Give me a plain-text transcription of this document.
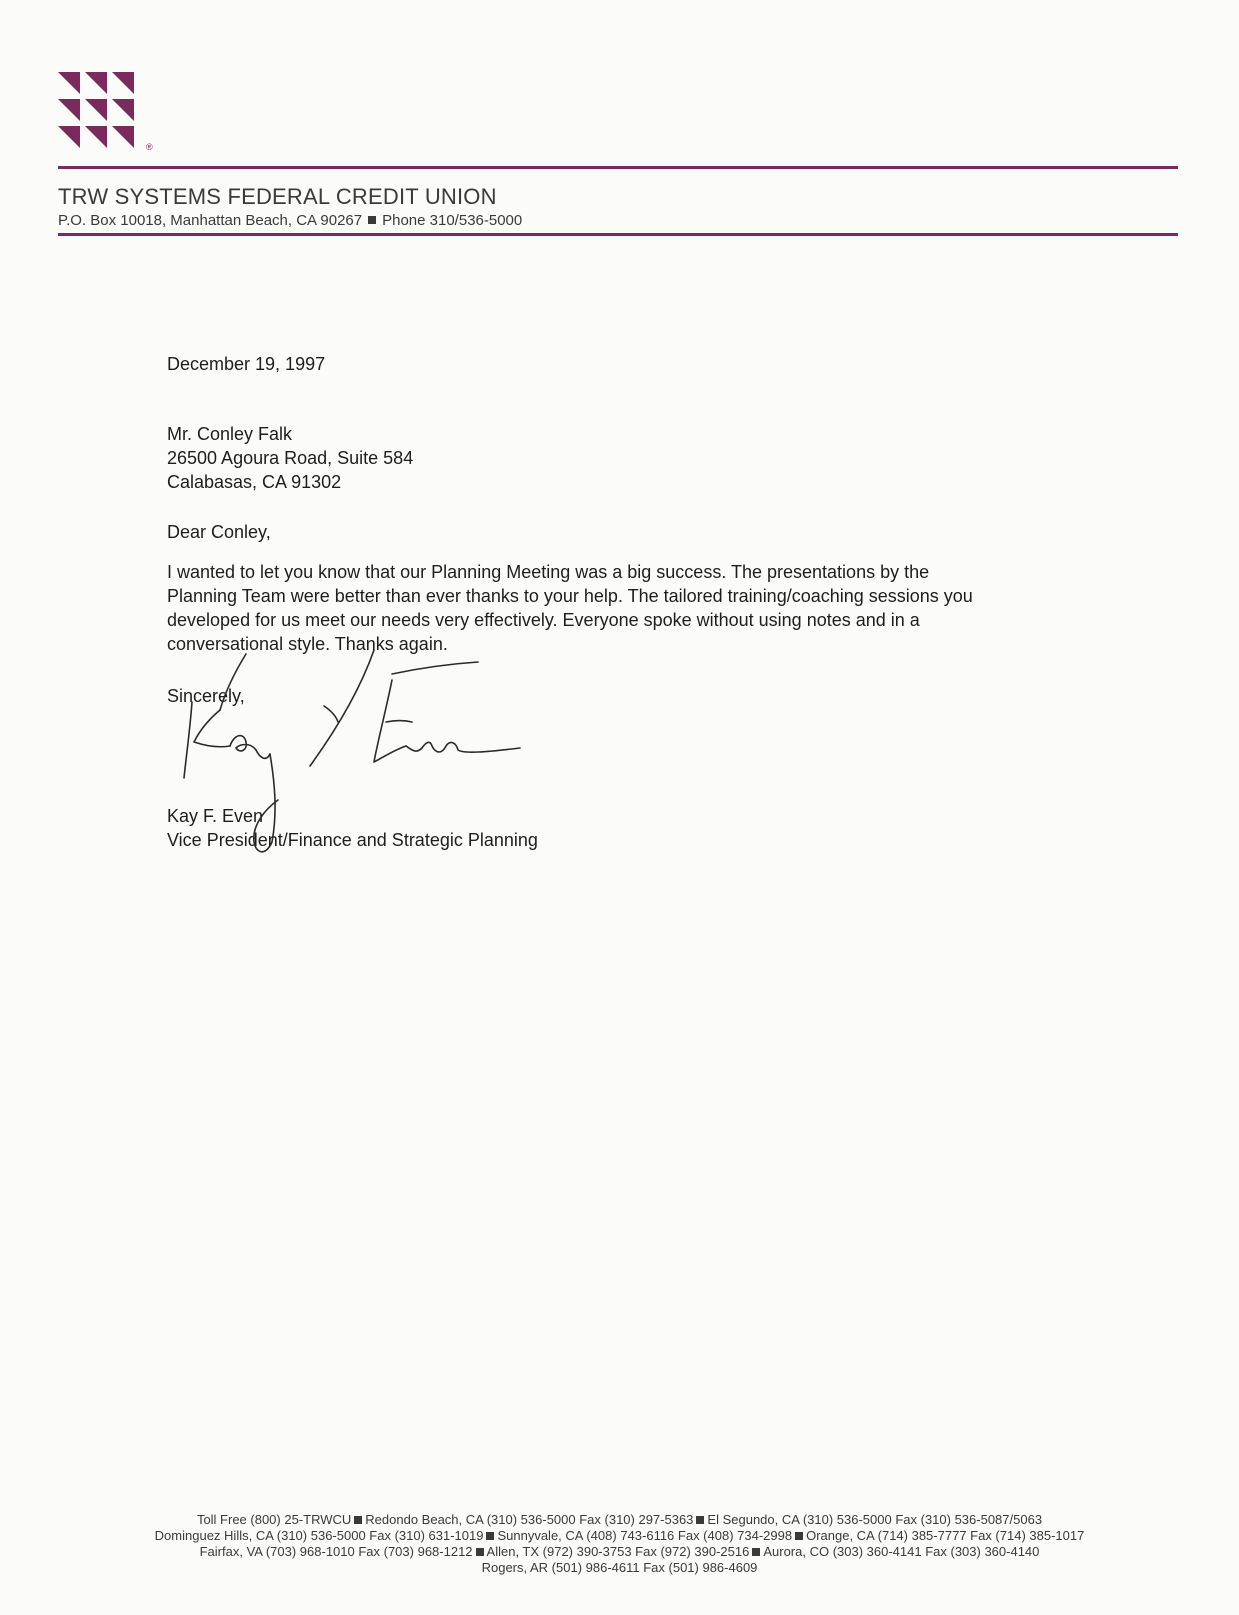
®
TRW SYSTEMS FEDERAL CREDIT UNION
P.O. Box 10018, Manhattan Beach, CA 90267 Phone 310/536-5000
December 19, 1997
Mr. Conley Falk
26500 Agoura Road, Suite 584
Calabasas, CA 91302
Dear Conley,
I wanted to let you know that our Planning Meeting was a big success. The presentations by the
Planning Team were better than ever thanks to your help. The tailored training/coaching sessions you
developed for us meet our needs very effectively. Everyone spoke without using notes and in a
conversational style. Thanks again.
Sincerely,
Kay F. Even
Vice President/Finance and Strategic Planning
Toll Free (800) 25-TRWCU Redondo Beach, CA (310) 536-5000 Fax (310) 297-5363 El Segundo, CA (310) 536-5000 Fax (310) 536-5087/5063
Dominguez Hills, CA (310) 536-5000 Fax (310) 631-1019 Sunnyvale, CA (408) 743-6116 Fax (408) 734-2998 Orange, CA (714) 385-7777 Fax (714) 385-1017
Fairfax, VA (703) 968-1010 Fax (703) 968-1212 Allen, TX (972) 390-3753 Fax (972) 390-2516 Aurora, CO (303) 360-4141 Fax (303) 360-4140
Rogers, AR (501) 986-4611 Fax (501) 986-4609
